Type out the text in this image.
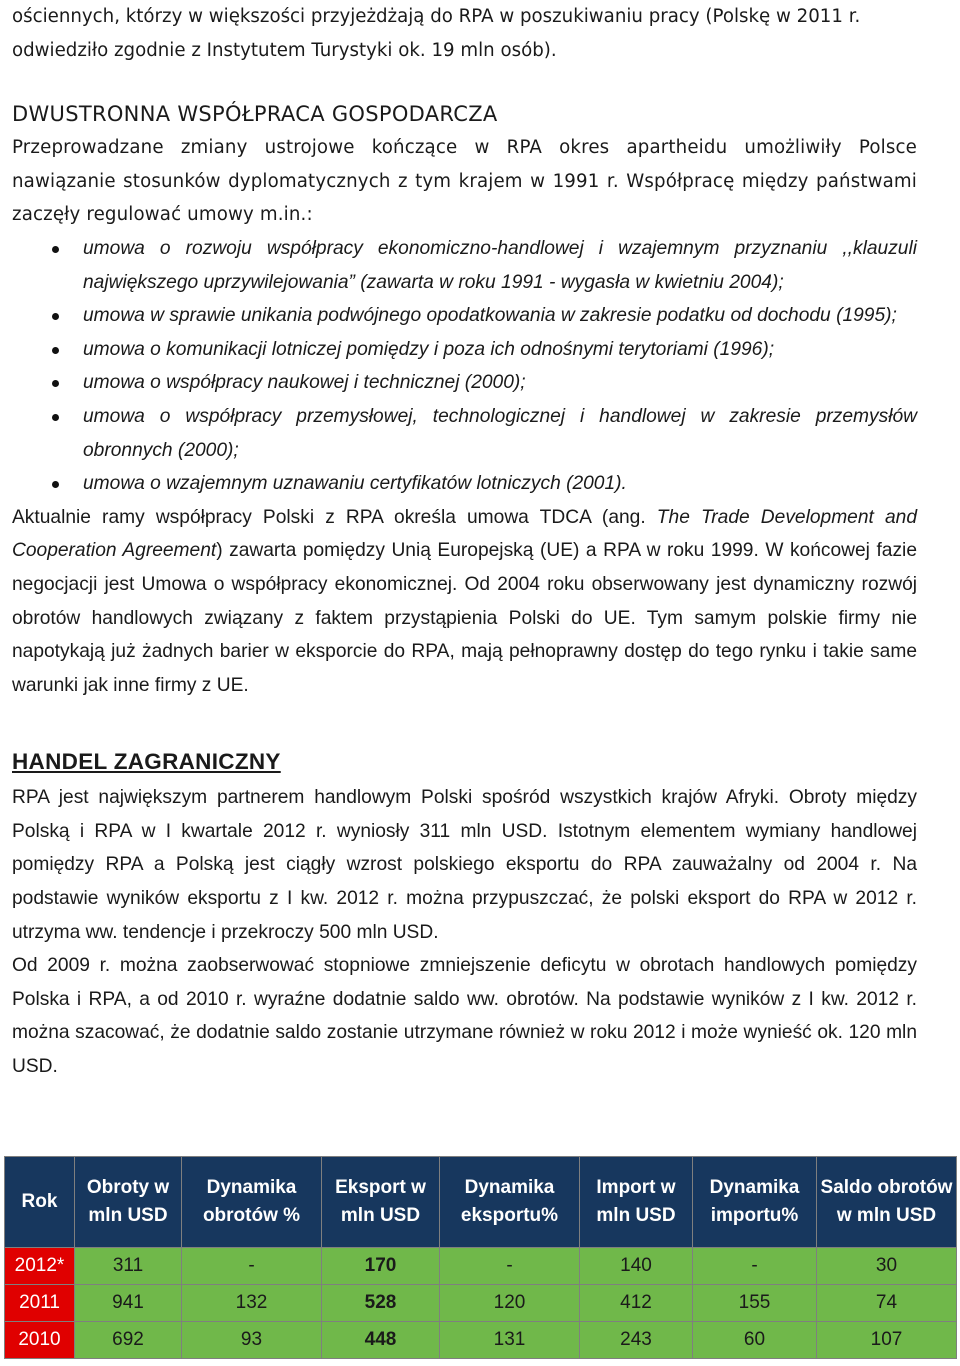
ościennych, którzy w większości przyjeżdżają do RPA w poszukiwaniu pracy (Polskę w 2011 r.

odwiedziło zgodnie z Instytutem Turystyki ok. 19 mln osób).

DWUSTRONNA WSPÓŁPRACA GOSPODARCZA

Przeprowadzane zmiany ustrojowe kończące w RPA okres apartheidu umożliwiły Polsce nawiązanie stosunków dyplomatycznych z tym krajem w 1991 r. Współpracę między państwami zaczęły regulować umowy m.in.:

umowa o rozwoju współpracy ekonomiczno-handlowej i wzajemnym przyznaniu ,,klauzuli największego uprzywilejowania” (zawarta w roku 1991 - wygasła w kwietniu 2004);
umowa w sprawie unikania podwójnego opodatkowania w zakresie podatku od dochodu (1995);
umowa o komunikacji lotniczej pomiędzy i poza ich odnośnymi terytoriami (1996);
umowa o współpracy naukowej i technicznej (2000);
umowa o współpracy przemysłowej, technologicznej i handlowej w zakresie przemysłów obronnych (2000);
umowa o wzajemnym uznawaniu certyfikatów lotniczych (2001).

Aktualnie ramy współpracy Polski z RPA określa umowa TDCA (ang. The Trade Development and Cooperation Agreement) zawarta pomiędzy Unią Europejską (UE) a RPA w roku 1999. W końcowej fazie negocjacji jest Umowa o współpracy ekonomicznej. Od 2004 roku obserwowany jest dynamiczny rozwój obrotów handlowych związany z faktem przystąpienia Polski do UE. Tym samym polskie firmy nie napotykają już żadnych barier w eksporcie do RPA, mają pełnoprawny dostęp do tego rynku i takie same warunki jak inne firmy z UE.

HANDEL ZAGRANICZNY

RPA jest największym partnerem handlowym Polski spośród wszystkich krajów Afryki. Obroty między Polską i RPA w I kwartale 2012 r. wyniosły 311 mln USD. Istotnym elementem wymiany handlowej pomiędzy RPA a Polską jest ciągły wzrost polskiego eksportu do RPA zauważalny od 2004 r. Na podstawie wyników eksportu z I kw. 2012 r. można przypuszczać, że polski eksport do RPA w 2012 r. utrzyma ww. tendencje i przekroczy 500 mln USD.

Od 2009 r. można zaobserwować stopniowe zmniejszenie deficytu w obrotach handlowych pomiędzy Polska i RPA, a od 2010 r. wyraźne dodatnie saldo ww. obrotów. Na podstawie wyników z I kw. 2012 r. można szacować, że dodatnie saldo zostanie utrzymane również w roku 2012 i może wynieść ok. 120 mln USD.

Rok	Obroty w mln USD	Dynamika obrotów %	Eksport w mln USD	Dynamika eksportu%	Import w mln USD	Dynamika importu%	Saldo obrotów w mln USD
2012*	311	-	170	-	140	-	30
2011	941	132	528	120	412	155	74
2010	692	93	448	131	243	60	107
